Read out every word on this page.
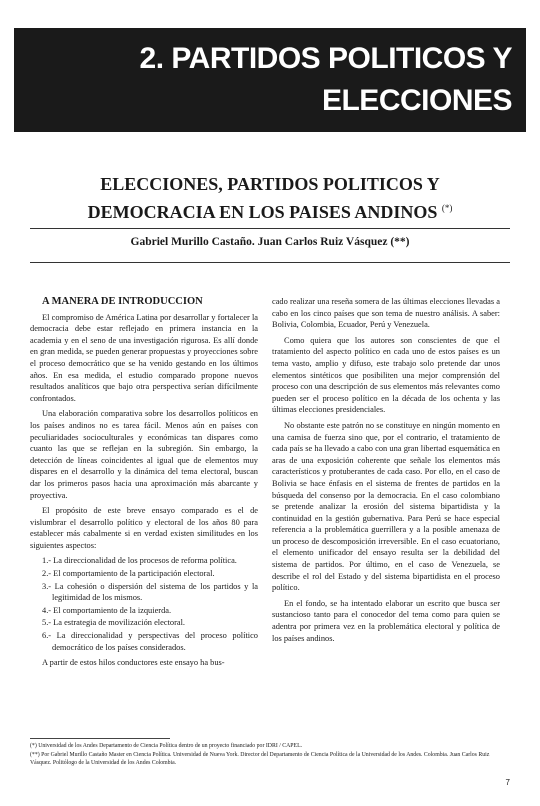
2. PARTIDOS POLITICOS Y
ELECCIONES
ELECCIONES, PARTIDOS POLITICOS Y
DEMOCRACIA EN LOS PAISES ANDINOS (*)
Gabriel Murillo Castaño. Juan Carlos Ruiz Vásquez (**)

A MANERA DE INTRODUCCION

El compromiso de América Latina por desarrollar y fortalecer la democracia debe estar reflejado en primera instancia en la academia y en el seno de una investigación rigurosa. Es allí donde en gran medida, se pueden generar propuestas y proyecciones sobre el proceso democrático que se ha venido gestando en los últimos años. En esa medida, el estudio comparado propone nuevos resultados analíticos que bajo otra perspectiva serían difícilmente confrontados.

Una elaboración comparativa sobre los desarrollos políticos en los países andinos no es tarea fácil. Menos aún en países con peculiaridades socioculturales y económicas tan dispares como cuanto las que se reflejan en la subregión. Sin embargo, la detección de líneas coincidentes al igual que de elementos muy dispares en el desarrollo y la dinámica del tema electoral, buscan dar los primeros pasos hacia una aproximación más abarcante y proyectiva.

El propósito de este breve ensayo comparado es el de vislumbrar el desarrollo político y electoral de los años 80 para establecer más cabalmente si en verdad existen similitudes en los siguientes aspectos:

1.- La direccionalidad de los procesos de reforma política.
2.- El comportamiento de la participación electoral.
3.- La cohesión o dispersión del sistema de los partidos y la legitimidad de los mismos.
4.- El comportamiento de la izquierda.
5.- La estrategia de movilización electoral.
6.- La direccionalidad y perspectivas del proceso político democrático de los países considerados.

A partir de estos hilos conductores este ensayo ha bus-

cado realizar una reseña somera de las últimas elecciones llevadas a cabo en los cinco países que son tema de nuestro análisis. A saber: Bolivia, Colombia, Ecuador, Perú y Venezuela.

Como quiera que los autores son conscientes de que el tratamiento del aspecto político en cada uno de estos países es un tema vasto, amplio y difuso, este trabajo solo pretende dar unos elementos sintéticos que posibiliten una mejor comprensión del proceso con una descripción de sus elementos más relevantes como pueden ser el proceso político en la década de los ochenta y las últimas elecciones presidenciales.

No obstante este patrón no se constituye en ningún momento en una camisa de fuerza sino que, por el contrario, el tratamiento de cada país se ha llevado a cabo con una gran libertad esquemática en aras de una exposición coherente que señale los elementos más característicos y protuberantes de cada caso. Por ello, en el caso de Bolivia se hace énfasis en el sistema de frentes de partidos en la búsqueda del consenso por la democracia. En el caso colombiano se pretende analizar la erosión del sistema bipartidista y la continuidad en la gestión gubernativa. Para Perú se hace especial referencia a la problemática guerrillera y a la posible amenaza de un proceso de descomposición irreversible. En el caso ecuatoriano, el elemento unificador del ensayo resulta ser la debilidad del sistema de partidos. Por último, en el caso de Venezuela, se describe el rol del Estado y del sistema bipartidista en el proceso político.

En el fondo, se ha intentado elaborar un escrito que busca ser sustancioso tanto para el conocedor del tema como para quien se adentra por primera vez en la problemática electoral y política de los países andinos.

(*) Universidad de los Andes Departamento de Ciencia Política dentro de un proyecto financiado por IDRI / CAPEL.
(**) Por Gabriel Murillo Castaño Master en Ciencia Política. Universidad de Nueva York. Director del Departamento de Ciencia Política de la Universidad de los Andes. Colombia. Juan Carlos Ruiz Vásquez. Politólogo de la Universidad de los Andes Colombia.
7
